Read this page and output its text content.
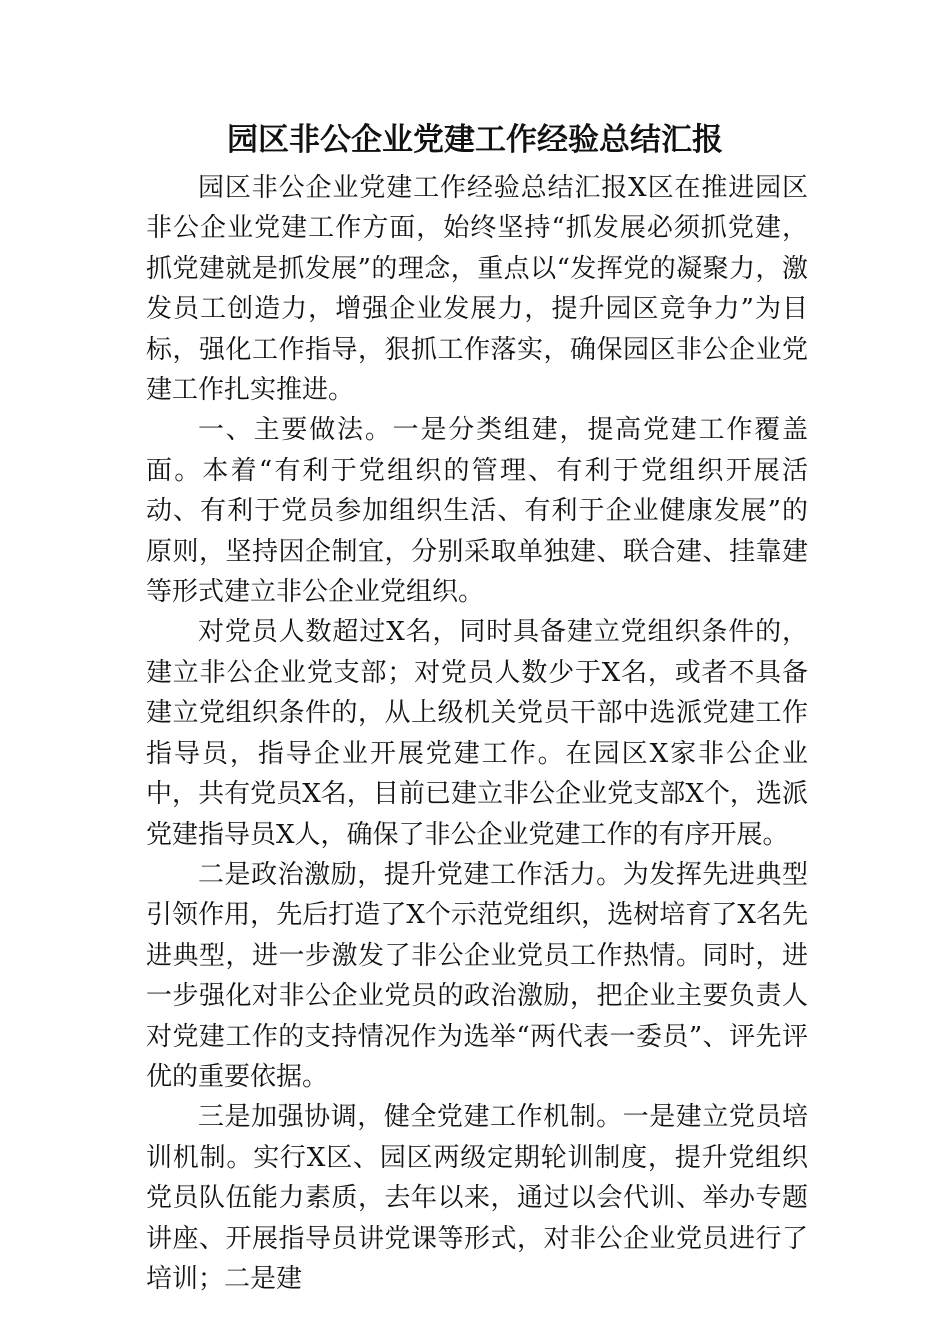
园区非公企业党建工作经验总结汇报

园区非公企业党建工作经验总结汇报X区在推进园区非公企业党建工作方面，始终坚持“抓发展必须抓党建，抓党建就是抓发展”的理念，重点以“发挥党的凝聚力，激发员工创造力，增强企业发展力，提升园区竞争力”为目标，强化工作指导，狠抓工作落实，确保园区非公企业党建工作扎实推进。

一、主要做法。一是分类组建，提高党建工作覆盖面。本着“有利于党组织的管理、有利于党组织开展活动、有利于党员参加组织生活、有利于企业健康发展”的原则，坚持因企制宜，分别采取单独建、联合建、挂靠建等形式建立非公企业党组织。

对党员人数超过X名，同时具备建立党组织条件的，建立非公企业党支部；对党员人数少于X名，或者不具备建立党组织条件的，从上级机关党员干部中选派党建工作指导员，指导企业开展党建工作。在园区X家非公企业中，共有党员X名，目前已建立非公企业党支部X个，选派党建指导员X人，确保了非公企业党建工作的有序开展。

二是政治激励，提升党建工作活力。为发挥先进典型引领作用，先后打造了X个示范党组织，选树培育了X名先进典型，进一步激发了非公企业党员工作热情。同时，进一步强化对非公企业党员的政治激励，把企业主要负责人对党建工作的支持情况作为选举“两代表一委员”、评先评优的重要依据。

三是加强协调，健全党建工作机制。一是建立党员培训机制。实行X区、园区两级定期轮训制度，提升党组织党员队伍能力素质，去年以来，通过以会代训、举办专题讲座、开展指导员讲党课等形式，对非公企业党员进行了培训；二是建
